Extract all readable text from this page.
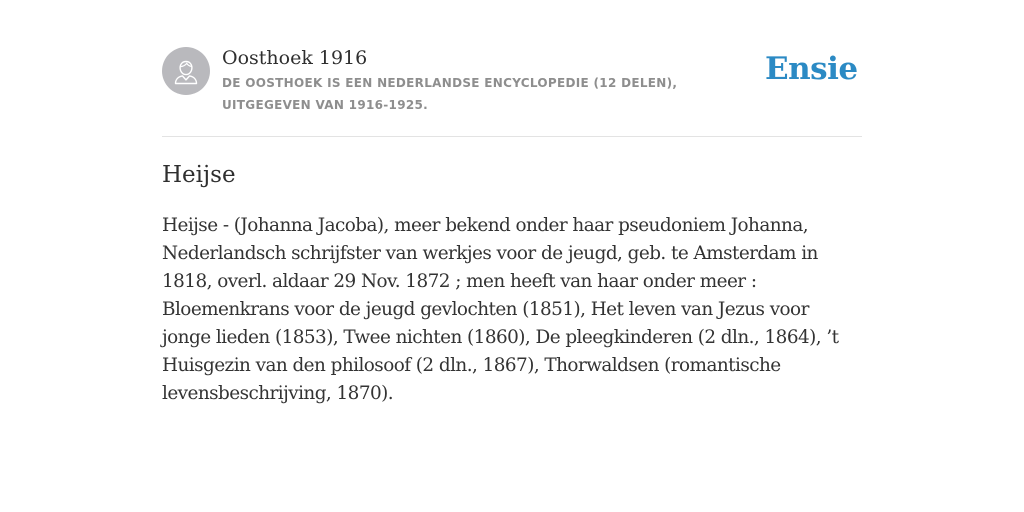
Oosthoek 1916
DE OOSTHOEK IS EEN NEDERLANDSE ENCYCLOPEDIE (12 DELEN), UITGEGEVEN VAN 1916-1925.
Ensie
Heijse

Heijse - (Johanna Jacoba), meer bekend onder haar pseudoniem Johanna, Nederlandsch schrijfster van werkjes voor de jeugd, geb. te Amsterdam in 1818, overl. aldaar 29 Nov. 1872 ; men heeft van haar onder meer : Bloemenkrans voor de jeugd gevlochten (1851), Het leven van Jezus voor jonge lieden (1853), Twee nichten (1860), De pleegkinderen (2 dln., 1864), ’t Huisgezin van den philosoof (2 dln., 1867), Thorwaldsen (romantische levensbeschrijving, 1870).
